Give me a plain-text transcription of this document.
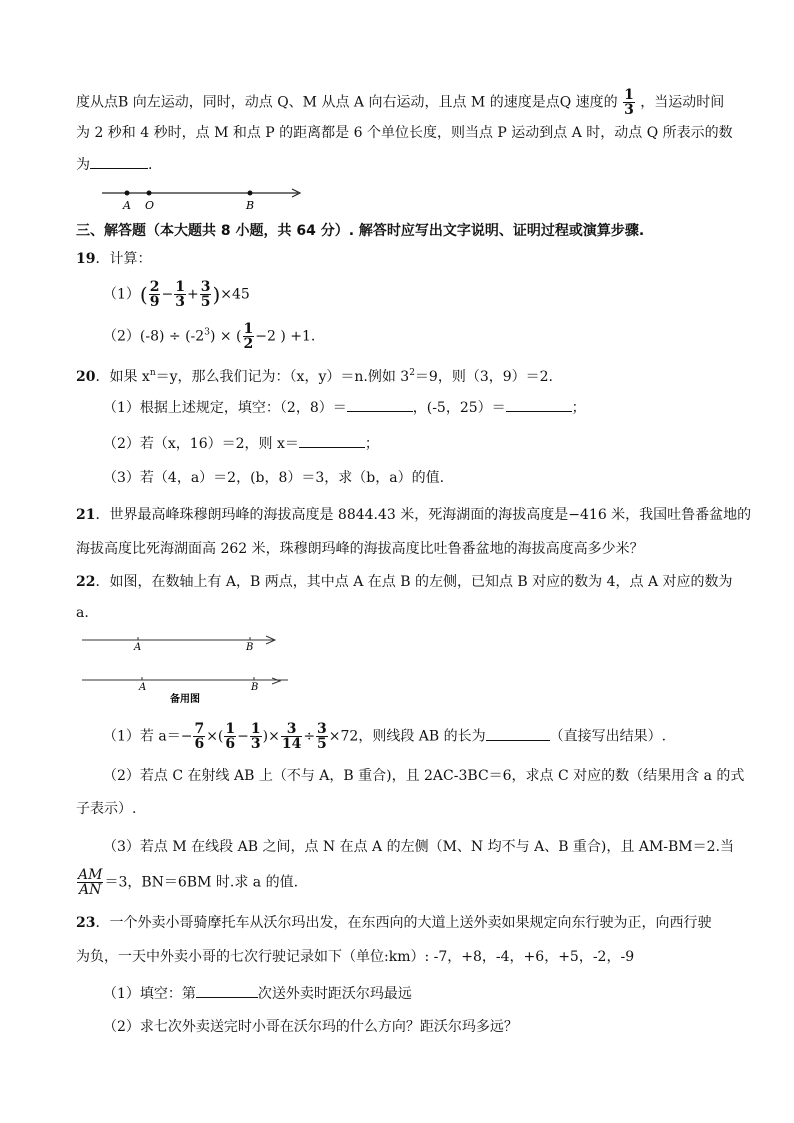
度从点B 向左运动，同时，动点 Q、M 从点 A 向右运动，且点 M 的速度是点Q 速度的 $\frac{1}{3}$ ，当运动时间
为 2 秒和 4 秒时，点 M 和点 P 的距离都是 6 个单位长度，则当点 P 运动到点 A 时，动点 Q 所表示的数
为	.
A O	B
三、解答题（本大题共 8 小题，共 64 分）. 解答时应写出文字说明、证明过程或演算步骤.
19．计算：
$(1)( \frac{2}{9} - \frac{1}{3} + \frac{3}{5} )\times 45$
$(2)(-8) \div (-2^3)$ × ( $\frac{1}{2} -2$ ) +1.
20．如果 $x^n=y$，那么我们记为：（x，y）＝n.例如 $3^2=9$，则（3，9）＝2.
（1）根据上述规定，填空：（2，8）＝	，(-5，25）＝	；
（2）若（x，16）＝2，则 x＝	；
（3）若（4，a）＝2，(b，8）＝3，求（b，a）的值.
21．世界最高峰珠穆朗玛峰的海拔高度是 8844.43 米，死海湖面的海拔高度是−416 米，我国吐鲁番盆地的
海拔高度比死海湖面高 262 米，珠穆朗玛峰的海拔高度比吐鲁番盆地的海拔高度高多少米？
22．如图，在数轴上有 A，B 两点，其中点 A 在点 B 的左侧，已知点 B 对应的数为 4，点 A 对应的数为
a.
A	B
A	B
备用图
（1）若 $a=- \frac{7}{6}$ ×( $\frac{1}{6} - \frac{1}{3}$ )× $\frac{3}{14} \div \frac{3}{5} \times 72$，则线段 AB 的长为	（直接写出结果）.
（2）若点 C 在射线 AB 上（不与 A，B 重合)，且 2AC-3BC＝6，求点 C 对应的数（结果用含 a 的式
子表示）.
（3）若点 M 在线段 AB 之间，点 N 在点 A 的左侧（M、N 均不与 A、B 重合)，且 AM-BM＝2.当
$\frac{AM}{AN} =3$，BN＝6BM 时.求 a 的值.
23．一个外卖小哥骑摩托车从沃尔玛出发，在东西向的大道上送外卖如果规定向东行驶为正，向西行驶
为负，一天中外卖小哥的七次行驶记录如下（单位:km）: -7，+8，-4，+6，+5，-2，-9
（1）填空：第	次送外卖时距沃尔玛最远
（2）求七次外卖送完时小哥在沃尔玛的什么方向？距沃尔玛多远？
